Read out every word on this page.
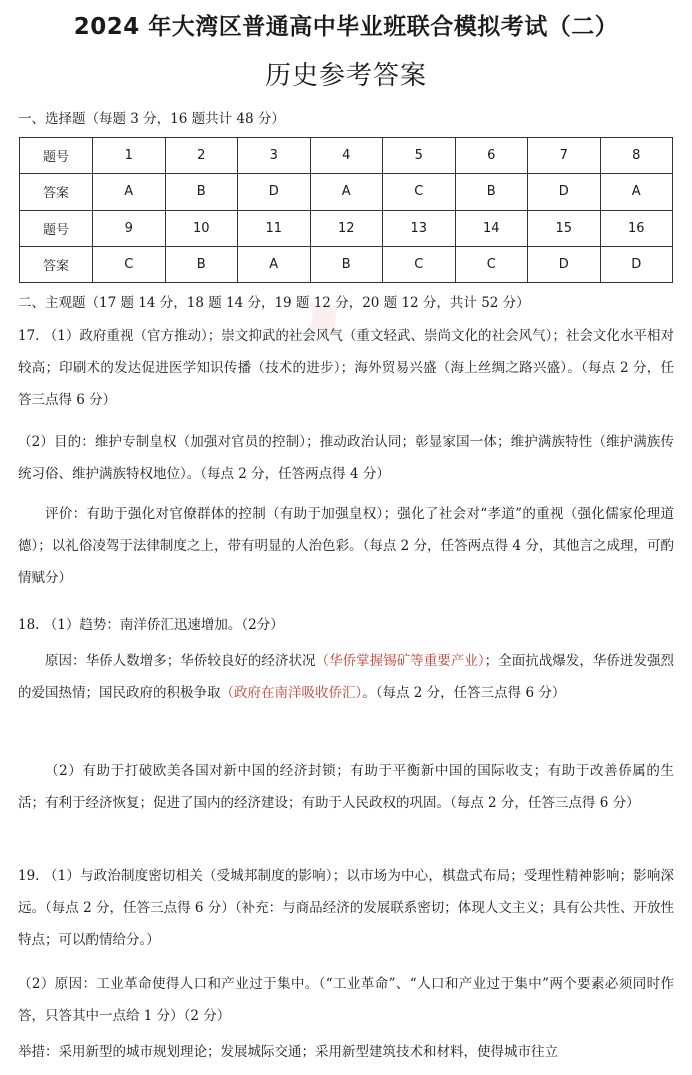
✦
2024 年大湾区普通高中毕业班联合模拟考试（二）
历史参考答案
一、选择题（每题 3 分，16 题共计 48 分）
题号	1	2	3	4	5	6	7	8
答案	A	B	D	A	C	B	D	A
题号	9	10	11	12	13	14	15	16
答案	C	B	A	B	C	C	D	D
二、主观题（17 题 14 分，18 题 14 分，19 题 12 分，20 题 12 分，共计 52 分）
17. （1）政府重视（官方推动）；崇文抑武的社会风气（重文轻武、崇尚文化的社会风气）；社会文化水平相对较高；印刷术的发达促进医学知识传播（技术的进步）；海外贸易兴盛（海上丝绸之路兴盛）。（每点 2 分，任答三点得 6 分）
（2）目的：维护专制皇权（加强对官员的控制）；推动政治认同；彰显家国一体；维护满族特性（维护满族传统习俗、维护满族特权地位）。（每点 2 分，任答两点得 4 分）
评价：有助于强化对官僚群体的控制（有助于加强皇权）；强化了社会对“孝道”的重视（强化儒家伦理道德）；以礼俗凌驾于法律制度之上，带有明显的人治色彩。（每点 2 分，任答两点得 4 分，其他言之成理，可酌情赋分）
18. （1）趋势：南洋侨汇迅速增加。（2分）
原因：华侨人数增多；华侨较良好的经济状况（华侨掌握锡矿等重要产业）；全面抗战爆发，华侨迸发强烈的爱国热情；国民政府的积极争取（政府在南洋吸收侨汇）。（每点 2 分，任答三点得 6 分）
（2）有助于打破欧美各国对新中国的经济封锁；有助于平衡新中国的国际收支；有助于改善侨属的生活；有利于经济恢复；促进了国内的经济建设；有助于人民政权的巩固。（每点 2 分，任答三点得 6 分）
19. （1）与政治制度密切相关（受城邦制度的影响）；以市场为中心，棋盘式布局；受理性精神影响；影响深远。（每点 2 分，任答三点得 6 分）（补充：与商品经济的发展联系密切；体现人文主义；具有公共性、开放性特点；可以酌情给分。）
（2）原因：工业革命使得人口和产业过于集中。（“工业革命”、“人口和产业过于集中”两个要素必须同时作答，只答其中一点给 1 分）（2 分）
举措：采用新型的城市规划理论；发展城际交通；采用新型建筑技术和材料，使得城市往立
